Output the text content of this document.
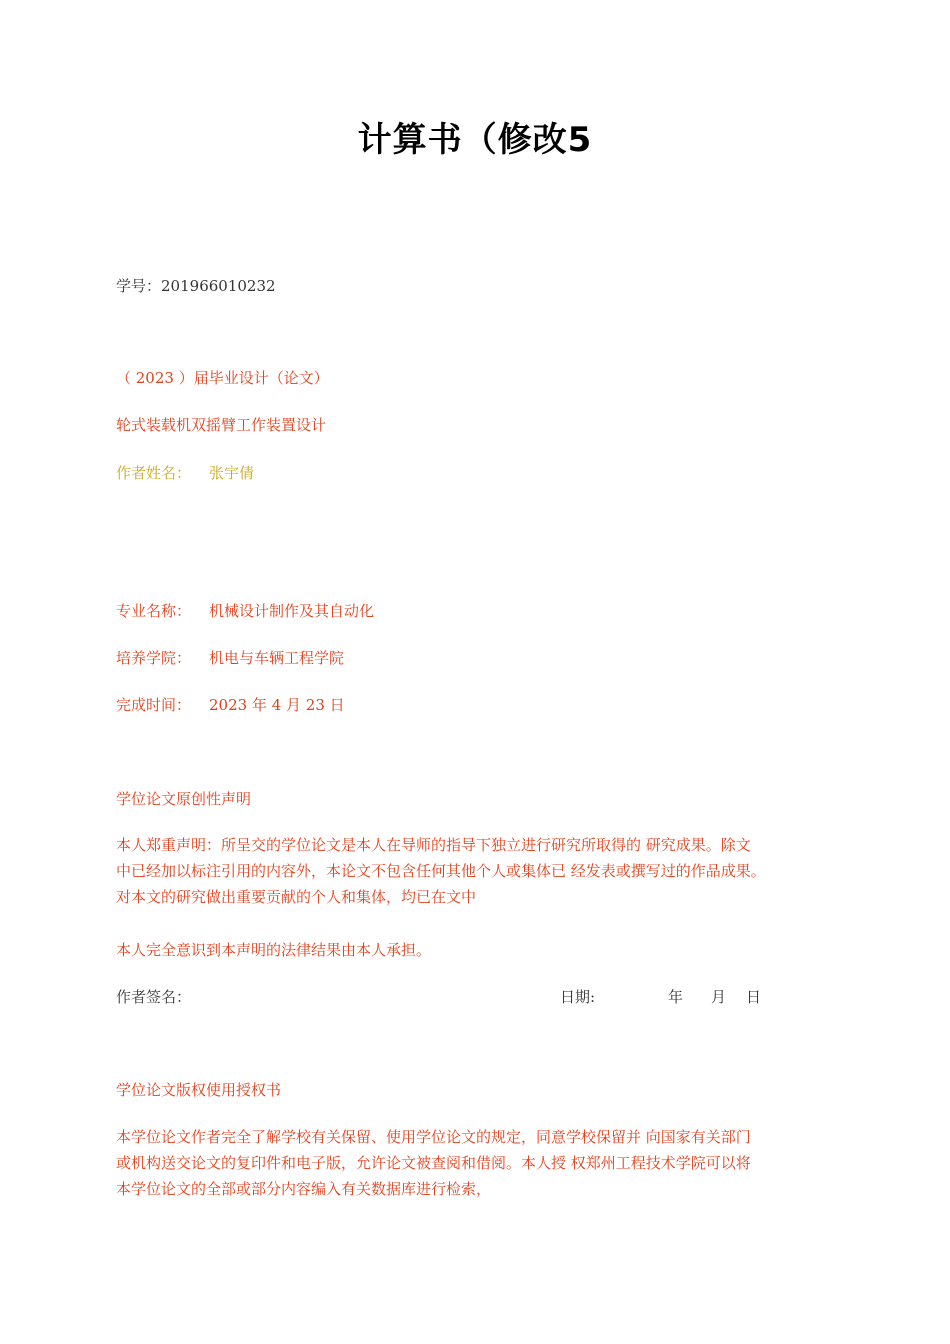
计算书（修改5
学号：201966010232
（ 2023 ）届毕业设计（论文）
轮式装载机双摇臂工作装置设计
作者姓名： 张宇倩
专业名称： 机械设计制作及其自动化
培养学院： 机电与车辆工程学院
完成时间： 2023 年 4 月 23 日
学位论文原创性声明
本人郑重声明：所呈交的学位论文是本人在导师的指导下独立进行研究所取得的 研究成果。除文
中已经加以标注引用的内容外，本论文不包含任何其他个人或集体已 经发表或撰写过的作品成果。
对本文的研究做出重要贡献的个人和集体，均已在文中
本人完全意识到本声明的法律结果由本人承担。
作者签名：	日期:	年 月 日
学位论文版权使用授权书
本学位论文作者完全了解学校有关保留、使用学位论文的规定，同意学校保留并 向国家有关部门
或机构送交论文的复印件和电子版，允许论文被查阅和借阅。本人授 权郑州工程技术学院可以将
本学位论文的全部或部分内容编入有关数据库进行检索，
